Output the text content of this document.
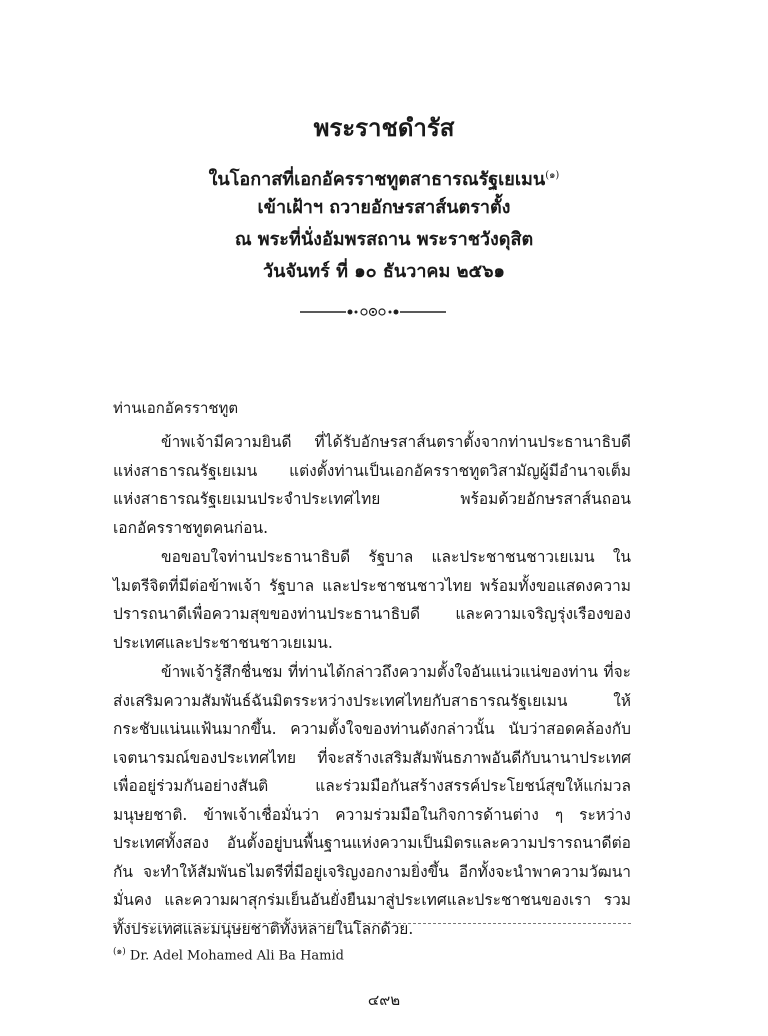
พระราชดำรัส
ในโอกาสที่เอกอัครราชทูตสาธารณรัฐเยเมน$^{(๑)}$
เข้าเฝ้าฯ ถวายอักษรสาส์นตราตั้ง
ณ พระที่นั่งอัมพรสถาน พระราชวังดุสิต
วันจันทร์ ที่ ๑๐ ธันวาคม ๒๕๖๑
ท่านเอกอัครราชทูต

ข้าพเจ้ามีความยินดี ที่ได้รับอักษรสาส์นตราตั้งจากท่านประธานาธิบดีแห่งสาธารณรัฐเยเมน แต่งตั้งท่านเป็นเอกอัครราชทูตวิสามัญผู้มีอำนาจเต็มแห่งสาธารณรัฐเยเมนประจำประเทศไทย พร้อมด้วยอักษรสาส์นถอนเอกอัครราชทูตคนก่อน.

ขอขอบใจท่านประธานาธิบดี รัฐบาล และประชาชนชาวเยเมน ในไมตรีจิตที่มีต่อข้าพเจ้า รัฐบาล และประชาชนชาวไทย พร้อมทั้งขอแสดงความปรารถนาดีเพื่อความสุขของท่านประธานาธิบดี และความเจริญรุ่งเรืองของประเทศและประชาชนชาวเยเมน.

ข้าพเจ้ารู้สึกชื่นชม ที่ท่านได้กล่าวถึงความตั้งใจอันแน่วแน่ของท่าน ที่จะส่งเสริมความสัมพันธ์ฉันมิตรระหว่างประเทศไทยกับสาธารณรัฐเยเมน ให้กระชับแน่นแฟ้นมากขึ้น. ความตั้งใจของท่านดังกล่าวนั้น นับว่าสอดคล้องกับเจตนารมณ์ของประเทศไทย ที่จะสร้างเสริมสัมพันธภาพอันดีกับนานาประเทศ เพื่ออยู่ร่วมกันอย่างสันติ และร่วมมือกันสร้างสรรค์ประโยชน์สุขให้แก่มวลมนุษยชาติ. ข้าพเจ้าเชื่อมั่นว่า ความร่วมมือในกิจการด้านต่าง ๆ ระหว่างประเทศทั้งสอง อันตั้งอยู่บนพื้นฐานแห่งความเป็นมิตรและความปรารถนาดีต่อกัน จะทำให้สัมพันธไมตรีที่มีอยู่เจริญงอกงามยิ่งขึ้น อีกทั้งจะนำพาความวัฒนามั่นคง และความผาสุกร่มเย็นอันยั่งยืนมาสู่ประเทศและประชาชนของเรา รวมทั้งประเทศและมนุษยชาติทั้งหลายในโลกด้วย.

$^{(๑)}$ Dr. Adel Mohamed Ali Ba Hamid
๔๙๒
